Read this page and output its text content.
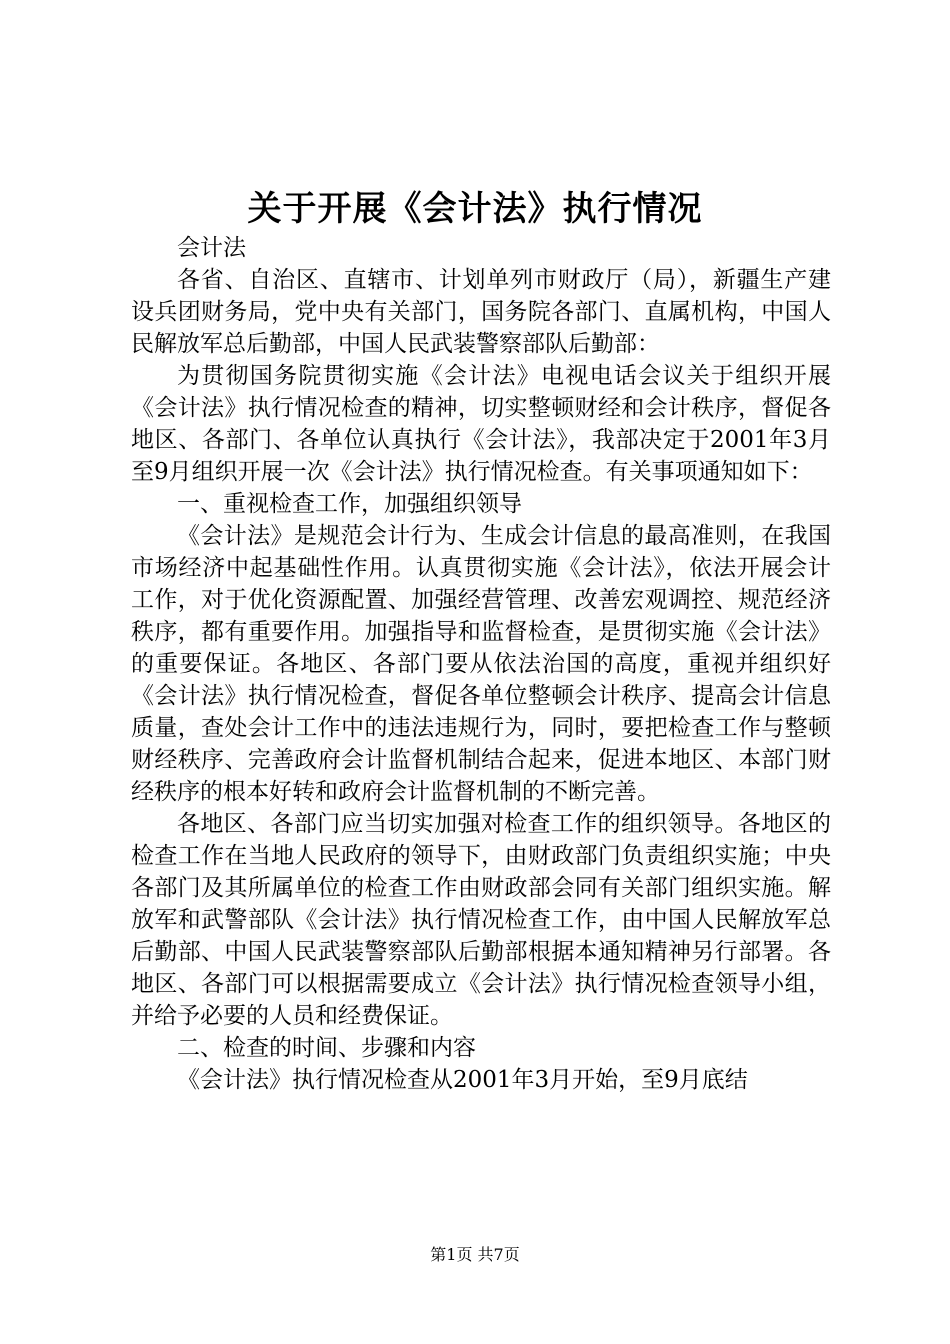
关于开展《会计法》执行情况

会计法

各省、自治区、直辖市、计划单列市财政厅（局），新疆生产建设兵团财务局，党中央有关部门，国务院各部门、直属机构，中国人民解放军总后勤部，中国人民武装警察部队后勤部：

为贯彻国务院贯彻实施《会计法》电视电话会议关于组织开展《会计法》执行情况检查的精神，切实整顿财经和会计秩序，督促各地区、各部门、各单位认真执行《会计法》，我部决定于2001年3月至9月组织开展一次《会计法》执行情况检查。有关事项通知如下：

一、重视检查工作，加强组织领导

《会计法》是规范会计行为、生成会计信息的最高准则，在我国市场经济中起基础性作用。认真贯彻实施《会计法》，依法开展会计工作，对于优化资源配置、加强经营管理、改善宏观调控、规范经济秩序，都有重要作用。加强指导和监督检查，是贯彻实施《会计法》的重要保证。各地区、各部门要从依法治国的高度，重视并组织好《会计法》执行情况检查，督促各单位整顿会计秩序、提高会计信息质量，查处会计工作中的违法违规行为，同时，要把检查工作与整顿财经秩序、完善政府会计监督机制结合起来，促进本地区、本部门财经秩序的根本好转和政府会计监督机制的不断完善。

各地区、各部门应当切实加强对检查工作的组织领导。各地区的检查工作在当地人民政府的领导下，由财政部门负责组织实施；中央各部门及其所属单位的检查工作由财政部会同有关部门组织实施。解放军和武警部队《会计法》执行情况检查工作，由中国人民解放军总后勤部、中国人民武装警察部队后勤部根据本通知精神另行部署。各地区、各部门可以根据需要成立《会计法》执行情况检查领导小组，并给予必要的人员和经费保证。

二、检查的时间、步骤和内容

《会计法》执行情况检查从2001年3月开始，至9月底结

第1页 共7页
